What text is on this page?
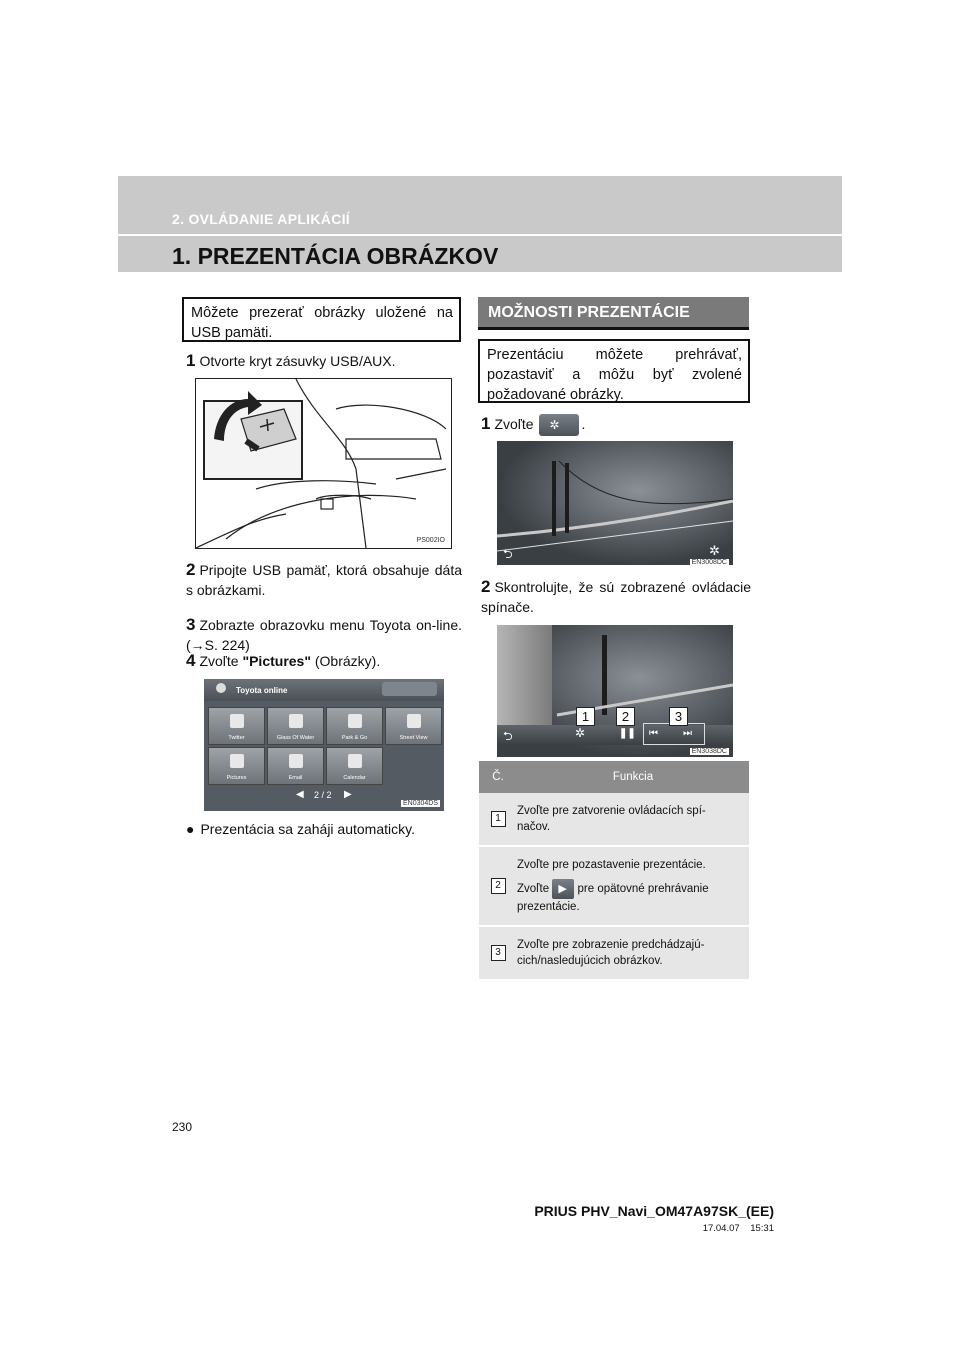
2. OVLÁDANIE APLIKÁCIÍ
1. PREZENTÁCIA OBRÁZKOV
Môžete prezerať obrázky uložené na USB pamäti.
1 Otvorte kryt zásuvky USB/AUX.
PS002IO
2 Pripojte USB pamäť, ktorá obsahuje dáta s obrázkami.
3 Zobrazte obrazovku menu Toyota on-line. (→S. 224)
4 Zvoľte "Pictures" (Obrázky).
Toyota online
Twitter	Glass Of Water	Park & Go	Street View
Pictures	Email	Calendar
◀ 2 / 2 ▶
EN0304DS
● Prezentácia sa zaháji automaticky.
MOŽNOSTI PREZENTÁCIE
Prezentáciu môžete prehrávať, pozastaviť a môžu byť zvolené požadované obrázky.
1 Zvoľte ✲ .
⮌	✲
EN3008DC
2 Skontrolujte, že sú zobrazené ovládacie spínače.
⮌	✲	❚❚ ⏮	⏭
1	2	3
EN3038DC
Č.	Funkcia
1	Zvoľte pre zatvorenie ovládacích spí-
načov.

2	Zvoľte pre pozastavenie prezentácie.
Zvoľte ▶ pre opätovné prehrávanie
prezentácie.

3	Zvoľte pre zobrazenie predchádzajú-
cich/nasledujúcich obrázkov.
230
PRIUS PHV_Navi_OM47A97SK_(EE)
17.04.07    15:31
